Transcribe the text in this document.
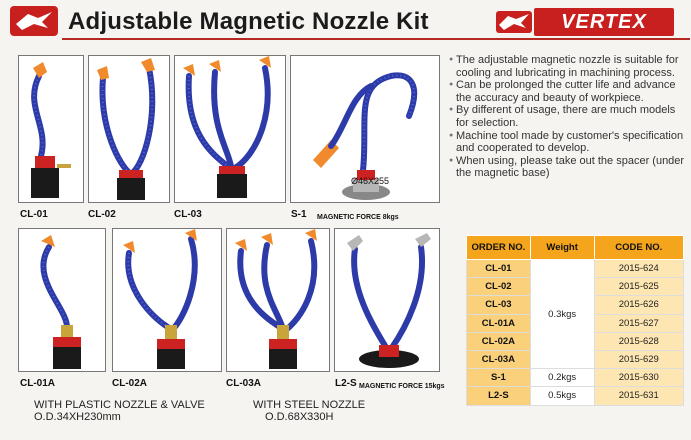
Adjustable Magnetic Nozzle Kit	VERTEX
Ø46X255
CL-01	CL-02	CL-03	S-1 MAGNETIC FORCE 8kgs
CL-01A	CL-02A	CL-03A	L2-S MAGNETIC FORCE 15kgs
WITH PLASTIC NOZZLE & VALVE
O.D.34XH230mm
WITH STEEL NOZZLE
O.D.68X330H
● The adjustable magnetic nozzle is suitable for cooling and lubricating in machining process.
● Can be prolonged the cutter life and advance the accuracy and beauty of workpiece.
● By different of usage, there are much models for selection.
● Machine tool made by customer's specification and cooperated to develop.
● When using, please take out the spacer (under the magnetic base)
ORDER NO.	Weight	CODE NO.
CL-01	0.3kgs	2015-624
CL-02		2015-625
CL-03		2015-626
CL-01A		2015-627
CL-02A		2015-628
CL-03A		2015-629
S-1	0.2kgs	2015-630
L2-S	0.5kgs	2015-631
